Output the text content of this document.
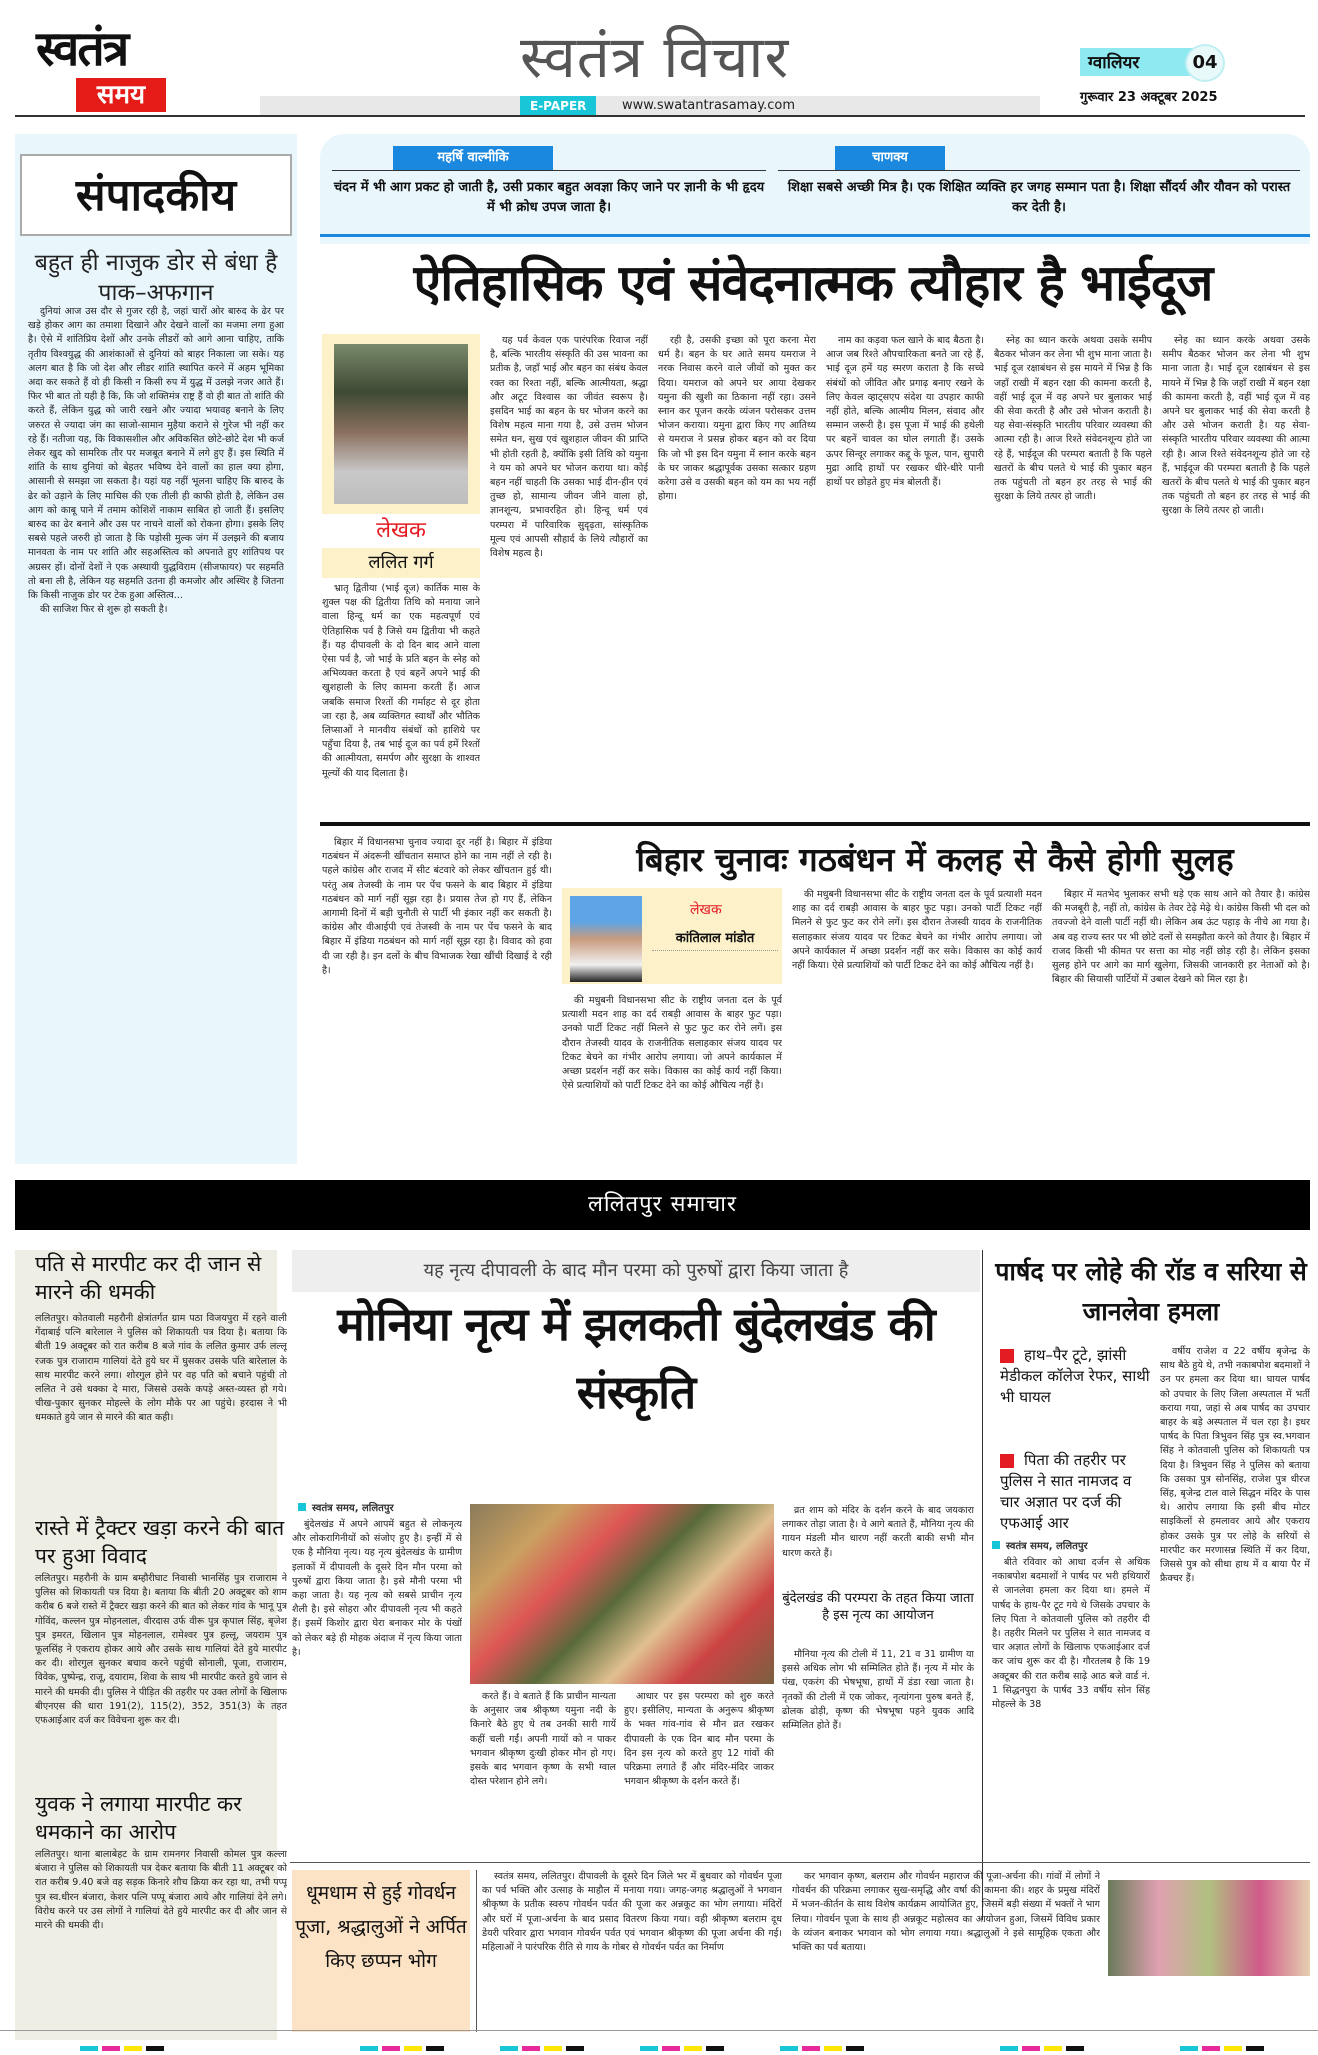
स्वतंत्र
समय
स्वतंत्र विचार
E-PAPER	www.swatantrasamay.com
ग्वालियर	04
गुरूवार 23 अक्टूबर 2025
संपादकीय
बहुत ही नाजुक डोर से बंधा है पाक–अफगान

दुनियां आज उस दौर से गुजर रही है, जहां चारों ओर बारुद के ढेर पर खड़े होकर आग का तमाशा दिखाने और देखने वालों का मजमा लगा हुआ है। ऐसे में शांतिप्रिय देशों और उनके लीडरों को आगे आना चाहिए, ताकि तृतीय विश्वयुद्ध की आशंकाओं से दुनियां को बाहर निकाला जा सके। यह अलग बात है कि जो देश और लीडर शांति स्थापित करने में अहम भूमिका अदा कर सकते हैं वो ही किसी न किसी रुप में युद्ध में उलझे नजर आते हैं। फिर भी बात तो यही है कि, कि जो शक्तिमंत्र राष्ट्र हैं वो ही बात तो शांति की करते हैं, लेकिन युद्ध को जारी रखने और ज्यादा भयावह बनाने के लिए जरुरत से ज्यादा जंग का साजो-सामान मुहैया कराने से गुरेज भी नहीं कर रहे हैं। नतीजा यह, कि विकासशील और अविकसित छोटे-छोटे देश भी कर्ज लेकर खुद को सामरिक तौर पर मजबूत बनाने में लगे हुए हैं। इस स्थिति में शांति के साथ दुनियां को बेहतर भविष्य देने वालों का हाल क्या होगा, आसानी से समझा जा सकता है। यहां यह नहीं भूलना चाहिए कि बारुद के ढेर को उड़ाने के लिए माचिस की एक तीली ही काफी होती है, लेकिन उस आग को काबू पाने में तमाम कोशिशें नाकाम साबित हो जाती हैं। इसलिए बारुद का ढेर बनाने और उस पर नाचने वालों को रोकना होगा। इसके लिए सबसे पहले जरुरी हो जाता है कि पड़ोसी मुल्क जंग में उलझने की बजाय मानवता के नाम पर शांति और सहअस्तित्व को अपनाते हुए शांतिपथ पर अग्रसर हों। दोनों देशों ने एक अस्थायी युद्धविराम (सीजफायर) पर सहमति तो बना ली है, लेकिन यह सहमति उतना ही कमजोर और अस्थिर है जितना कि किसी नाजुक डोर पर टेक हुआ अस्तित्व...

की साजिश फिर से शुरू हो सकती है।

महर्षि वाल्मीकि
चंदन में भी आग प्रकट हो जाती है, उसी प्रकार बहुत अवज्ञा किए जाने पर ज्ञानी के भी हृदय में भी क्रोध उपज जाता है।
चाणक्य
शिक्षा सबसे अच्छी मित्र है। एक शिक्षित व्यक्ति हर जगह सम्मान पता है। शिक्षा सौंदर्य और यौवन को परास्त कर देती है।
ऐतिहासिक एवं संवेदनात्मक त्यौहार है भाईदूज
लेखक
ललित गर्ग

भ्रातृ द्वितीया (भाई दूज) कार्तिक मास के शुक्ल पक्ष की द्वितीया तिथि को मनाया जाने वाला हिन्दू धर्म का एक महत्वपूर्ण एवं ऐतिहासिक पर्व है जिसे यम द्वितीया भी कहते हैं। यह दीपावली के दो दिन बाद आने वाला ऐसा पर्व है, जो भाई के प्रति बहन के स्नेह को अभिव्यक्त करता है एवं बहनें अपने भाई की खुशहाली के लिए कामना करती हैं। आज जबकि समाज रिश्तों की गर्माहट से दूर होता जा रहा है, अब व्यक्तिगत स्वार्थों और भौतिक लिप्साओं ने मानवीय संबंधों को हाशिये पर पहुँचा दिया है, तब भाई दूज का पर्व हमें रिश्तों की आत्मीयता, समर्पण और सुरक्षा के शाश्वत मूल्यों की याद दिलाता है।

यह पर्व केवल एक पारंपरिक रिवाज नहीं है, बल्कि भारतीय संस्कृति की उस भावना का प्रतीक है, जहाँ भाई और बहन का संबंध केवल रक्त का रिश्ता नहीं, बल्कि आत्मीयता, श्रद्धा और अटूट विश्वास का जीवंत स्वरूप है। इसदिन भाई का बहन के घर भोजन करने का विशेष महत्व माना गया है, उसे उत्तम भोजन समेत धन, सुख एवं खुशहाल जीवन की प्राप्ति भी होती रहती है, क्योंकि इसी तिथि को यमुना ने यम को अपने घर भोजन कराया था। कोई बहन नहीं चाहती कि उसका भाई दीन-हीन एवं तुच्छ हो, सामान्य जीवन जीने वाला हो, ज्ञानशून्य, प्रभावरहित हो। हिन्दू धर्म एवं परम्परा में पारिवारिक सुदृढ़ता, सांस्कृतिक मूल्य एवं आपसी सौहार्द के लिये त्यौहारों का विशेष महत्व है।

रही है, उसकी इच्छा को पूरा करना मेरा धर्म है। बहन के घर आते समय यमराज ने नरक निवास करने वाले जीवों को मुक्त कर दिया। यमराज को अपने घर आया देखकर यमुना की खुशी का ठिकाना नहीं रहा। उसने स्नान कर पूजन करके व्यंजन परोसकर उत्तम भोजन कराया। यमुना द्वारा किए गए आतिथ्य से यमराज ने प्रसन्न होकर बहन को वर दिया कि जो भी इस दिन यमुना में स्नान करके बहन के घर जाकर श्रद्धापूर्वक उसका सत्कार ग्रहण करेगा उसे व उसकी बहन को यम का भय नहीं होगा।

नाम का कड़वा फल खाने के बाद बैठता है। आज जब रिश्ते औपचारिकता बनते जा रहे हैं, भाई दूज हमें यह स्मरण कराता है कि सच्चे संबंधों को जीवित और प्रगाढ़ बनाए रखने के लिए केवल व्हाट्सएप संदेश या उपहार काफी नहीं होते, बल्कि आत्मीय मिलन, संवाद और सम्मान जरूरी है। इस पूजा में भाई की हथेली पर बहनें चावल का घोल लगाती हैं। उसके ऊपर सिन्दूर लगाकर कद्दू के फूल, पान, सुपारी मुद्रा आदि हाथों पर रखकर धीरे-धीरे पानी हाथों पर छोड़ते हुए मंत्र बोलती हैं।

स्नेह का ध्यान करके अथवा उसके समीप बैठकर भोजन कर लेना भी शुभ माना जाता है। भाई दूज रक्षाबंधन से इस मायने में भिन्न है कि जहाँ राखी में बहन रक्षा की कामना करती है, वहीं भाई दूज में वह अपने घर बुलाकर भाई की सेवा करती है और उसे भोजन कराती है। यह सेवा-संस्कृति भारतीय परिवार व्यवस्था की आत्मा रही है। आज रिश्ते संवेदनशून्य होते जा रहे हैं, भाईदूज की परम्परा बताती है कि पहले खतरों के बीच पलते थे भाई की पुकार बहन तक पहुंचती तो बहन हर तरह से भाई की सुरक्षा के लिये तत्पर हो जाती।

स्नेह का ध्यान करके अथवा उसके समीप बैठकर भोजन कर लेना भी शुभ माना जाता है। भाई दूज रक्षाबंधन से इस मायने में भिन्न है कि जहाँ राखी में बहन रक्षा की कामना करती है, वहीं भाई दूज में वह अपने घर बुलाकर भाई की सेवा करती है और उसे भोजन कराती है। यह सेवा-संस्कृति भारतीय परिवार व्यवस्था की आत्मा रही है। आज रिश्ते संवेदनशून्य होते जा रहे हैं, भाईदूज की परम्परा बताती है कि पहले खतरों के बीच पलते थे भाई की पुकार बहन तक पहुंचती तो बहन हर तरह से भाई की सुरक्षा के लिये तत्पर हो जाती।

बिहार में विधानसभा चुनाव ज्यादा दूर नहीं है। बिहार में इंडिया गठबंधन में अंदरूनी खींचतान समाप्त होने का नाम नहीं ले रही है। पहले कांग्रेस और राजद में सीट बंटवारे को लेकर खींचतान हुई थी। परंतु अब तेजस्वी के नाम पर पेंच फसने के बाद बिहार में इंडिया गठबंधन को मार्ग नहीं सूझ रहा है। प्रयास तेज हो गए हैं, लेकिन आगामी दिनों में बड़ी चुनौती से पार्टी भी इंकार नहीं कर सकती है। कांग्रेस और वीआईपी एवं तेजस्वी के नाम पर पेंच फसने के बाद बिहार में इंडिया गठबंधन को मार्ग नहीं सूझ रहा है। विवाद को हवा दी जा रही है। इन दलों के बीच विभाजक रेखा खींची दिखाई दे रही है।

बिहार चुनावः गठबंधन में कलह से कैसे होगी सुलह
लेखक
कांतिलाल मांडोत

की मधुबनी विधानसभा सीट के राष्ट्रीय जनता दल के पूर्व प्रत्याशी मदन शाह का दर्द राबड़ी आवास के बाहर फुट पड़ा। उनको पार्टी टिकट नहीं मिलने से फुट फुट कर रोने लगें। इस दौरान तेजस्वी यादव के राजनीतिक सलाहकार संजय यादव पर टिकट बेचने का गंभीर आरोप लगाया। जो अपने कार्यकाल में अच्छा प्रदर्शन नहीं कर सके। विकास का कोई कार्य नहीं किया। ऐसे प्रत्याशियों को पार्टी टिकट देने का कोई औचित्य नहीं है।

की मधुबनी विधानसभा सीट के राष्ट्रीय जनता दल के पूर्व प्रत्याशी मदन शाह का दर्द राबड़ी आवास के बाहर फुट पड़ा। उनको पार्टी टिकट नहीं मिलने से फुट फुट कर रोने लगें। इस दौरान तेजस्वी यादव के राजनीतिक सलाहकार संजय यादव पर टिकट बेचने का गंभीर आरोप लगाया। जो अपने कार्यकाल में अच्छा प्रदर्शन नहीं कर सके। विकास का कोई कार्य नहीं किया। ऐसे प्रत्याशियों को पार्टी टिकट देने का कोई औचित्य नहीं है।

बिहार में मतभेद भुलाकर सभी धड़े एक साथ आने को तैयार है। कांग्रेस की मजबूरी है, नहीं तो, कांग्रेस के तेवर टेढ़े मेढ़े थे। कांग्रेस किसी भी दल को तवज्जो देने वाली पार्टी नहीं थी। लेकिन अब ऊंट पहाड़ के नीचे आ गया है। अब वह राज्य स्तर पर भी छोटे दलों से समझौता करने को तैयार है। बिहार में राजद किसी भी कीमत पर सत्ता का मोह नहीं छोड़ रही है। लेकिन इसका सुलह होने पर आगे का मार्ग खुलेगा, जिसकी जानकारी हर नेताओं को है। बिहार की सियासी पार्टियों में उबाल देखने को मिल रहा है।

ललितपुर समाचार
पति से मारपीट कर दी जान से मारने की धमकी
ललितपुर। कोतवाली महरौनी क्षेत्रांतर्गत ग्राम पठा विजयपुरा में रहने वाली गेंदाबाई पत्नि बारेलाल ने पुलिस को शिकायती पत्र दिया है। बताया कि बीती 19 अक्टूबर को रात करीब 8 बजे गांव के ललित कुमार उर्फ लल्लू रजक पुत्र राजाराम गालियां देते हुये घर में घुसकर उसके पति बारेलाल के साथ मारपीट करने लगा। शोरगुल होने पर वह पति को बचाने पहुंची तो ललित ने उसे धक्का दे मारा, जिससे उसके कपड़े अस्त-व्यस्त हो गये। चीख-पुकार सुनकर मोहल्ले के लोग मौके पर आ पहुंचे। हरदास ने भी धमकाते हुये जान से मारने की बात कही।
रास्ते में ट्रैक्टर खड़ा करने की बात पर हुआ विवाद
ललितपुर। महरौनी के ग्राम बम्हौरीघाट निवासी भानसिंह पुत्र राजाराम ने पुलिस को शिकायती पत्र दिया है। बताया कि बीती 20 अक्टूबर को शाम करीब 6 बजे रास्ते में ट्रैक्टर खड़ा करने की बात को लेकर गांव के भानू पुत्र गोविंद, कल्लन पुत्र मोहनलाल, वीरदास उर्फ वीरू पुत्र कृपाल सिंह, बृजेश पुत्र इमरत, खिलान पुत्र मोहनलाल, रामेश्वर पुत्र हल्लू, जयराम पुत्र फूलसिंह ने एकराय होकर आये और उसके साथ गालियां देते हुये मारपीट कर दी। शोरगुल सुनकर बचाव करने पहुंची सोनाली, पूजा, राजाराम, विवेक, पुष्पेन्द्र, राजू, दयाराम, शिवा के साथ भी मारपीट करते हुये जान से मारने की धमकी दी। पुलिस ने पीड़ित की तहरीर पर उक्त लोगों के खिलाफ बीएनएस की धारा 191(2), 115(2), 352, 351(3) के तहत एफआईआर दर्ज कर विवेचना शुरू कर दी।
युवक ने लगाया मारपीट कर धमकाने का आरोप
ललितपुर। थाना बालाबेहट के ग्राम रामनगर निवासी कोमल पुत्र कल्ला बंजारा ने पुलिस को शिकायती पत्र देकर बताया कि बीती 11 अक्टूबर को रात करीब 9.40 बजे वह सड़क किनारे शौच क्रिया कर रहा था, तभी पप्पू पुत्र स्व.धीरन बंजारा, केशर पत्नि पप्पू बंजारा आये और गालियां देने लगे। विरोध करने पर उस लोगों ने गालियां देते हुये मारपीट कर दी और जान से मारने की धमकी दी।
यह नृत्य दीपावली के बाद मौन परमा को पुरुषों द्वारा किया जाता है
मोनिया नृत्य में झलकती बुंदेलखंड की संस्कृति
स्वतंत्र समय, ललितपुर

बुंदेलखंड में अपने आपमें बहुत से लोकनृत्य और लोकरागिनीयों को संजोए हुए है। इन्हीं में से एक है मौनिया नृत्य। यह नृत्य बुंदेलखंड के ग्रामीण इलाकों में दीपावली के दूसरे दिन मौन परमा को पुरुषों द्वारा किया जाता है। इसे मौनी परमा भी कहा जाता है। यह नृत्य को सबसे प्राचीन नृत्य शैली है। इसे सोहरा और दीपावली नृत्य भी कहते हैं। इसमें किशोर द्वारा घेरा बनाकर मोर के पंखों को लेकर बड़े ही मोहक अंदाज में नृत्य किया जाता है।

करते हैं। वे बताते हैं कि प्राचीन मान्यता के अनुसार जब श्रीकृष्ण यमुना नदी के किनारे बैठे हुए थे तब उनकी सारी गायें कहीं चली गईं। अपनी गायों को न पाकर भगवान श्रीकृष्ण दुःखी होकर मौन हो गए। इसके बाद भगवान कृष्ण के सभी ग्वाल दोस्त परेशान होने लगे।

आधार पर इस परम्परा को शुरु करते हुए। इसीलिए, मान्यता के अनुरूप श्रीकृष्ण के भक्त गांव-गांव से मौन व्रत रखकर दीपावली के एक दिन बाद मौन परमा के दिन इस नृत्य को करते हुए 12 गांवों की परिक्रमा लगाते हैं और मंदिर-मंदिर जाकर भगवान श्रीकृष्ण के दर्शन करते हैं।

व्रत शाम को मंदिर के दर्शन करने के बाद जयकारा लगाकर तोड़ा जाता है। वे आगे बताते हैं, मौनिया नृत्य की गायन मंडली मौन धारण नहीं करती बाकी सभी मौन धारण करते हैं।

बुंदेलखंड की परम्परा के तहत किया जाता है इस नृत्य का आयोजन

मौनिया नृत्य की टोली में 11, 21 व 31 ग्रामीण या इससे अधिक लोग भी सम्मिलित होते हैं। नृत्य में मोर के पंख, एकरंग की भेषभूषा, हाथों में डंडा रखा जाता है। नृतकों की टोली में एक जोकर, नृत्यांगना पुरुष बनते हैं, ढोलक ढोड़ी, कृष्ण की भेषभूषा पहने युवक आदि सम्मिलित होते हैं।

पार्षद पर लोहे की रॉड व सरिया से जानलेवा हमला
हाथ–पैर टूटे, झांसी मेडीकल कॉलेज रेफर, साथी भी घायल
पिता की तहरीर पर पुलिस ने सात नामजद व चार अज्ञात पर दर्ज की एफआई आर
स्वतंत्र समय, ललितपुर

बीते रविवार को आधा दर्जन से अधिक नकाबपोश बदमाशों ने पार्षद पर भरी हथियारों से जानलेवा हमला कर दिया था। हमले में पार्षद के हाथ-पैर टूट गये थे जिसके उपचार के लिए पिता ने कोतवाली पुलिस को तहरीर दी है। तहरीर मिलने पर पुलिस ने सात नामजद व चार अज्ञात लोगों के खिलाफ एफआईआर दर्ज कर जांच शुरू कर दी है। गौरतलब है कि 19 अक्टूबर की रात करीब साढ़े आठ बजे वार्ड नं. 1 सिद्धनपुरा के पार्षद 33 वर्षीय सोन सिंह मोहल्ले के 38

वर्षीय राजेश व 22 वर्षीय बृजेन्द्र के साथ बैठे हुये थे, तभी नकाबपोश बदमाशों ने उन पर हमला कर दिया था। घायल पार्षद को उपचार के लिए जिला अस्पताल में भर्ती कराया गया, जहां से अब पार्षद का उपचार बाहर के बड़े अस्पताल में चल रहा है। इधर पार्षद के पिता त्रिभुवन सिंह पुत्र स्व.भगवान सिंह ने कोतवाली पुलिस को शिकायती पत्र दिया है। त्रिभुवन सिंह ने पुलिस को बताया कि उसका पुत्र सोनसिंह, राजेश पुत्र धीरज सिंह, बृजेन्द्र टाल वाले सिद्धन मंदिर के पास थे। आरोप लगाया कि इसी बीच मोटर साइकिलों से हमलावर आये और एकराय होकर उसके पुत्र पर लोहे के सरियों से मारपीट कर मरणासन्न स्थिति में कर दिया, जिससे पुत्र को सीधा हाथ में व बाया पैर में फ्रैक्चर हैं।

धूमधाम से हुई गोवर्धन पूजा, श्रद्धालुओं ने अर्पित किए छप्पन भोग

स्वतंत्र समय, ललितपुर। दीपावली के दूसरे दिन जिले भर में बुधवार को गोवर्धन पूजा का पर्व भक्ति और उत्साह के माहौल में मनाया गया। जगह-जगह श्रद्धालुओं ने भगवान श्रीकृष्ण के प्रतीक स्वरुप गोवर्धन पर्वत की पूजा कर अन्नकूट का भोग लगाया। मंदिरों और घरों में पूजा-अर्चना के बाद प्रसाद वितरण किया गया। वही श्रीकृष्ण बलराम दूध डेयरी परिवार द्वारा भगवान गोवर्धन पर्वत एवं भगवान श्रीकृष्ण की पूजा अर्चना की गई। महिलाओं ने पारंपरिक रीति से गाय के गोबर से गोवर्धन पर्वत का निर्माण

कर भगवान कृष्ण, बलराम और गोवर्धन महाराज की पूजा-अर्चना की। गांवों में लोगों ने गोवर्धन की परिक्रमा लगाकर सुख-समृद्धि और वर्षा की कामना की। शहर के प्रमुख मंदिरों में भजन-कीर्तन के साथ विशेष कार्यक्रम आयोजित हुए, जिसमें बड़ी संख्या में भक्तों ने भाग लिया। गोवर्धन पूजा के साथ ही अन्नकूट महोत्सव का आयोजन हुआ, जिसमें विविध प्रकार के व्यंजन बनाकर भगवान को भोग लगाया गया। श्रद्धालुओं ने इसे सामूहिक एकता और भक्ति का पर्व बताया।
